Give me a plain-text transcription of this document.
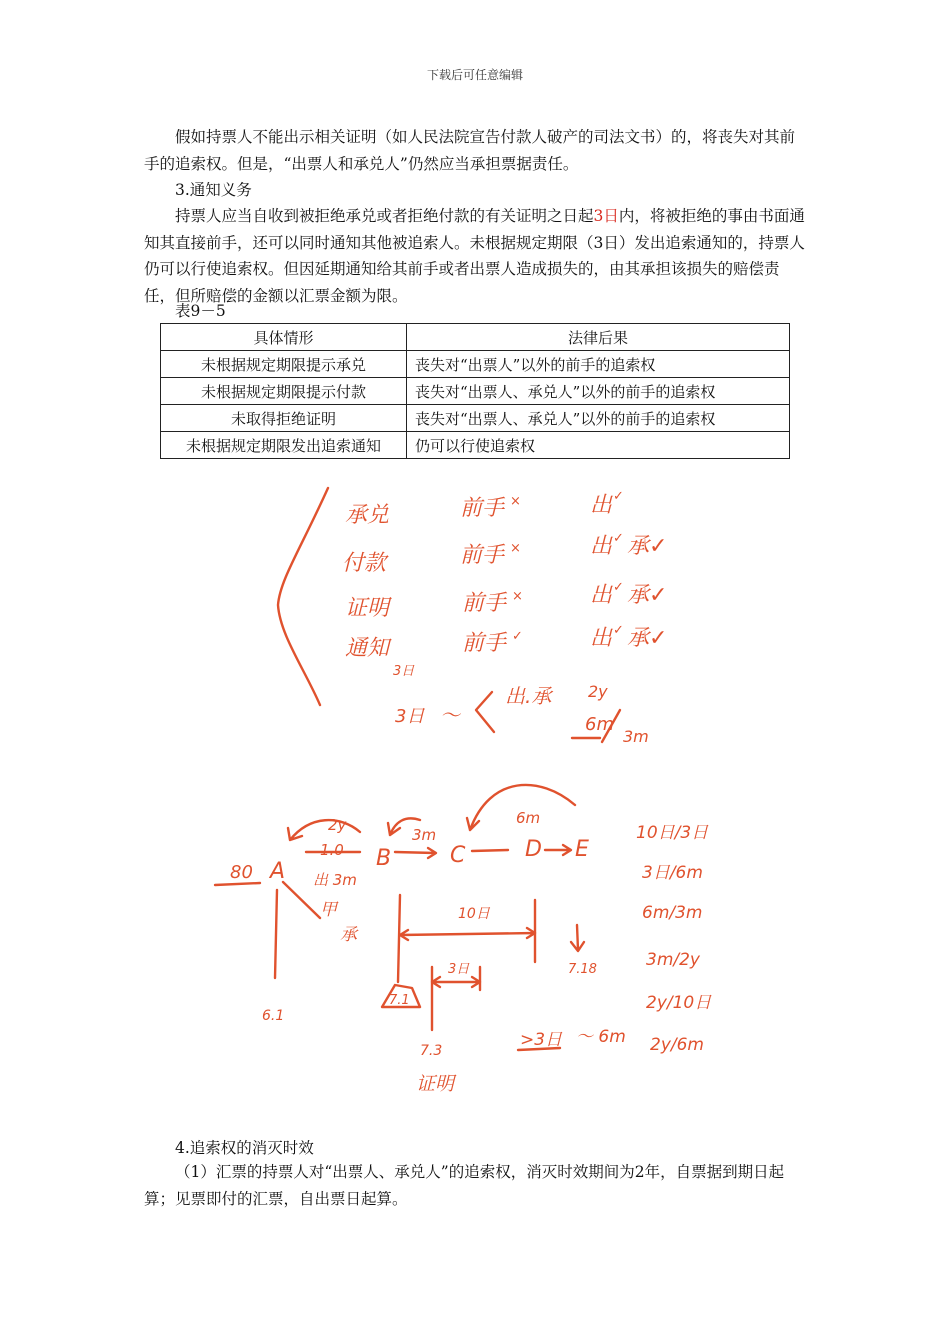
下载后可任意编辑

假如持票人不能出示相关证明（如人民法院宣告付款人破产的司法文书）的，将丧失对其前手的追索权。但是，“出票人和承兑人”仍然应当承担票据责任。

3.通知义务

持票人应当自收到被拒绝承兑或者拒绝付款的有关证明之日起3日内，将被拒绝的事由书面通知其直接前手，还可以同时通知其他被追索人。未根据规定期限（3日）发出追索通知的，持票人仍可以行使追索权。但因延期通知给其前手或者出票人造成损失的，由其承担该损失的赔偿责任，但所赔偿的金额以汇票金额为限。

表9－5

具体情形	法律后果
未根据规定期限提示承兑	丧失对“出票人”以外的前手的追索权
未根据规定期限提示付款	丧失对“出票人、承兑人”以外的前手的追索权
未取得拒绝证明	丧失对“出票人、承兑人”以外的前手的追索权
未根据规定期限发出追索通知	仍可以行使追索权
承兑	前手 ×	出 ✓
付款	前手 ×	出 ✓ 承✓
证明	前手 ×	出 ✓ 承✓
通知	前手 ✓	出 ✓ 承✓
3日
3日 ～
出.承 2y
6m
3m
80 A
B	C	D E
2y
1.0
出 3m
3m
6m
甲
承
6.1
7.1
10日
3日
7.3
证明
7.18
>3日 ～ 6m
10日/3日
3日/6m
6m/3m
3m/2y
2y/10日
2y/6m

4.追索权的消灭时效

（1）汇票的持票人对“出票人、承兑人”的追索权，消灭时效期间为2年，自票据到期日起算；见票即付的汇票，自出票日起算。
